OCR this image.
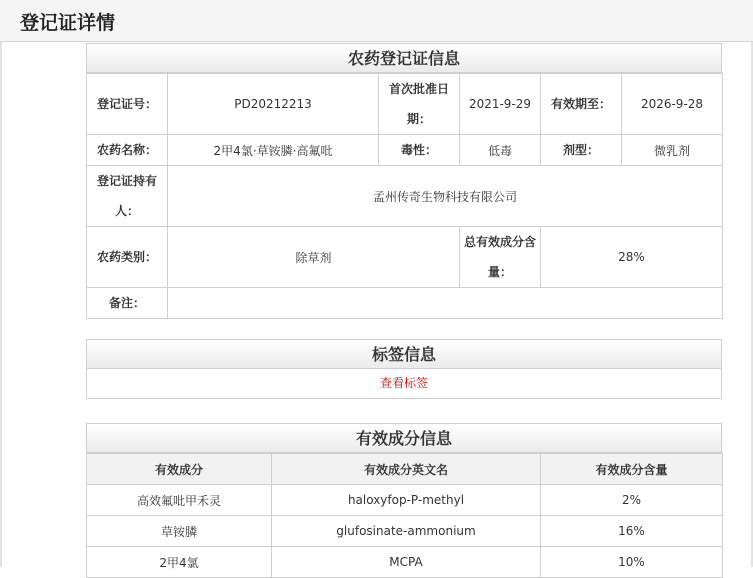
登记证详情
农药登记证信息
登记证号：	PD20212213	首次批准日期：	2021-9-29	有效期至：	2026-9-28
农药名称：	2甲4氯·草铵膦·高氟吡	毒性：	低毒	剂型：	微乳剂
登记证持有人：	孟州传奇生物科技有限公司				
农药类别：	除草剂		总有效成分含量：	28%	
备注：					
标签信息
查看标签
有效成分信息
有效成分	有效成分英文名	有效成分含量
高效氟吡甲禾灵	haloxyfop-P-methyl	2%
草铵膦	glufosinate-ammonium	16%
2甲4氯	MCPA	10%
